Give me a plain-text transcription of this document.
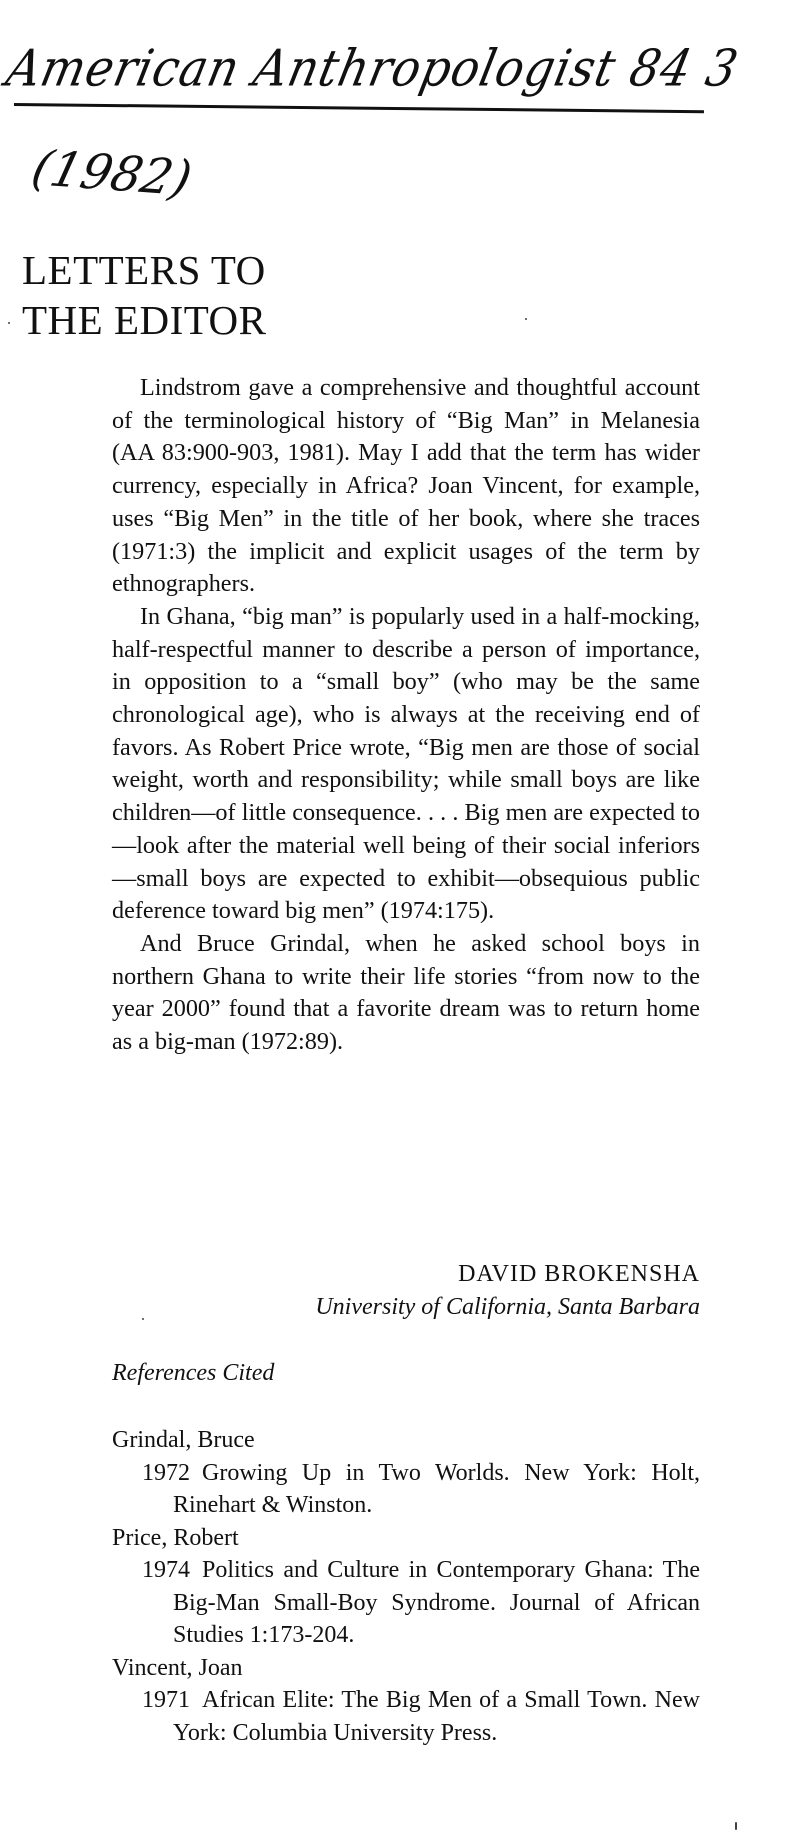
American Anthropologist 84 3
(1982)
LETTERS TO
THE EDITOR

Lindstrom gave a comprehensive and thoughtful account of the terminological history of “Big Man” in Melanesia (AA 83:900-903, 1981). May I add that the term has wider currency, especially in Africa? Joan Vincent, for example, uses “Big Men” in the title of her book, where she traces (1971:3) the implicit and explicit usages of the term by ethnographers.

In Ghana, “big man” is popularly used in a half-mocking, half-respectful manner to describe a person of importance, in opposition to a “small boy” (who may be the same chronological age), who is always at the receiving end of favors. As Robert Price wrote, “Big men are those of social weight, worth and responsibility; while small boys are like children—of little consequence. . . . Big men are expected to—look after the material well being of their social inferiors—small boys are expected to exhibit—obsequious public deference toward big men” (1974:175).

And Bruce Grindal, when he asked school boys in northern Ghana to write their life stories “from now to the year 2000” found that a favorite dream was to return home as a big-man (1972:89).

DAVID BROKENSHA
University of California, Santa Barbara
References Cited

Grindal, Bruce

1972 Growing Up in Two Worlds. New York: Holt, Rinehart & Winston.

Price, Robert

1974 Politics and Culture in Contemporary Ghana: The Big-Man Small-Boy Syndrome. Journal of African Studies 1:173-204.

Vincent, Joan

1971 African Elite: The Big Men of a Small Town. New York: Columbia University Press.
